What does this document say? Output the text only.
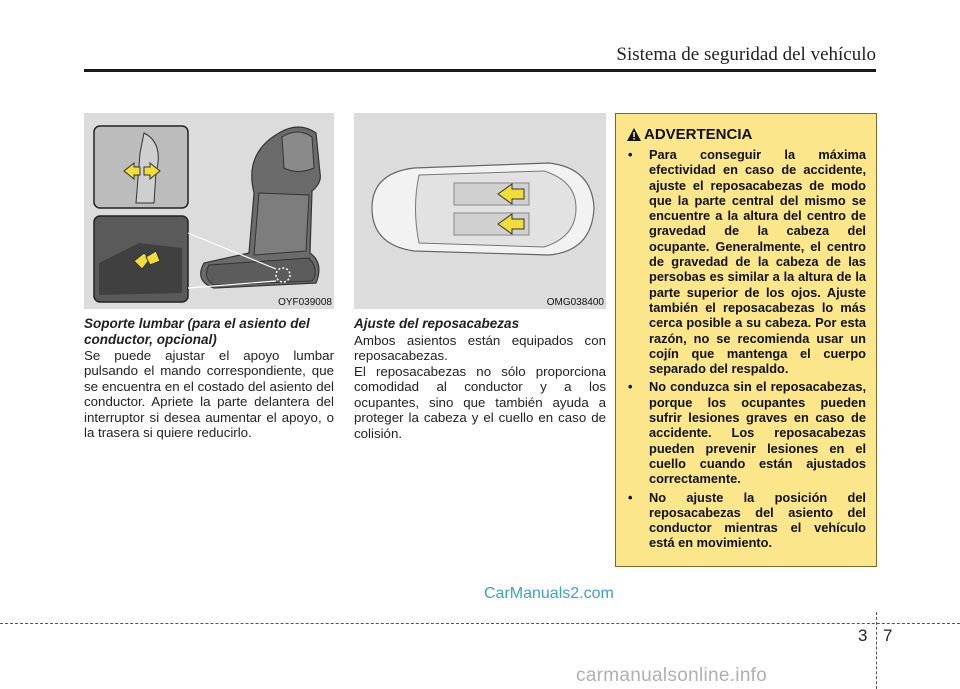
Sistema de seguridad del vehículo
OYF039008	OMG038400
Soporte lumbar (para el asiento del conductor, opcional)

Se puede ajustar el apoyo lumbar pulsando el mando correspondiente, que se encuentra en el costado del asiento del conductor. Apriete la parte delantera del interruptor si desea aumentar el apoyo, o la trasera si quiere reducirlo.

Ajuste del reposacabezas

Ambos asientos están equipados con reposacabezas.

El reposacabezas no sólo proporciona comodidad al conductor y a los ocupantes, sino que también ayuda a proteger la cabeza y el cuello en caso de colisión.

ADVERTENCIA
• Para conseguir la máxima efectividad en caso de accidente, ajuste el reposacabezas de modo que la parte central del mismo se encuentre a la altura del centro de gravedad de la cabeza del ocupante. Generalmente, el centro de gravedad de la cabeza de las persobas es similar a la altura de la parte superior de los ojos. Ajuste también el reposacabezas lo más cerca posible a su cabeza. Por esta razón, no se recomienda usar un cojín que mantenga el cuerpo separado del respaldo.
• No conduzca sin el reposacabezas, porque los ocupantes pueden sufrir lesiones graves en caso de accidente. Los reposacabezas pueden prevenir lesiones en el cuello cuando están ajustados correctamente.
• No ajuste la posición del reposacabezas del asiento del conductor mientras el vehículo está en movimiento.
CarManuals2.com
3 7
carmanualsonline.info
